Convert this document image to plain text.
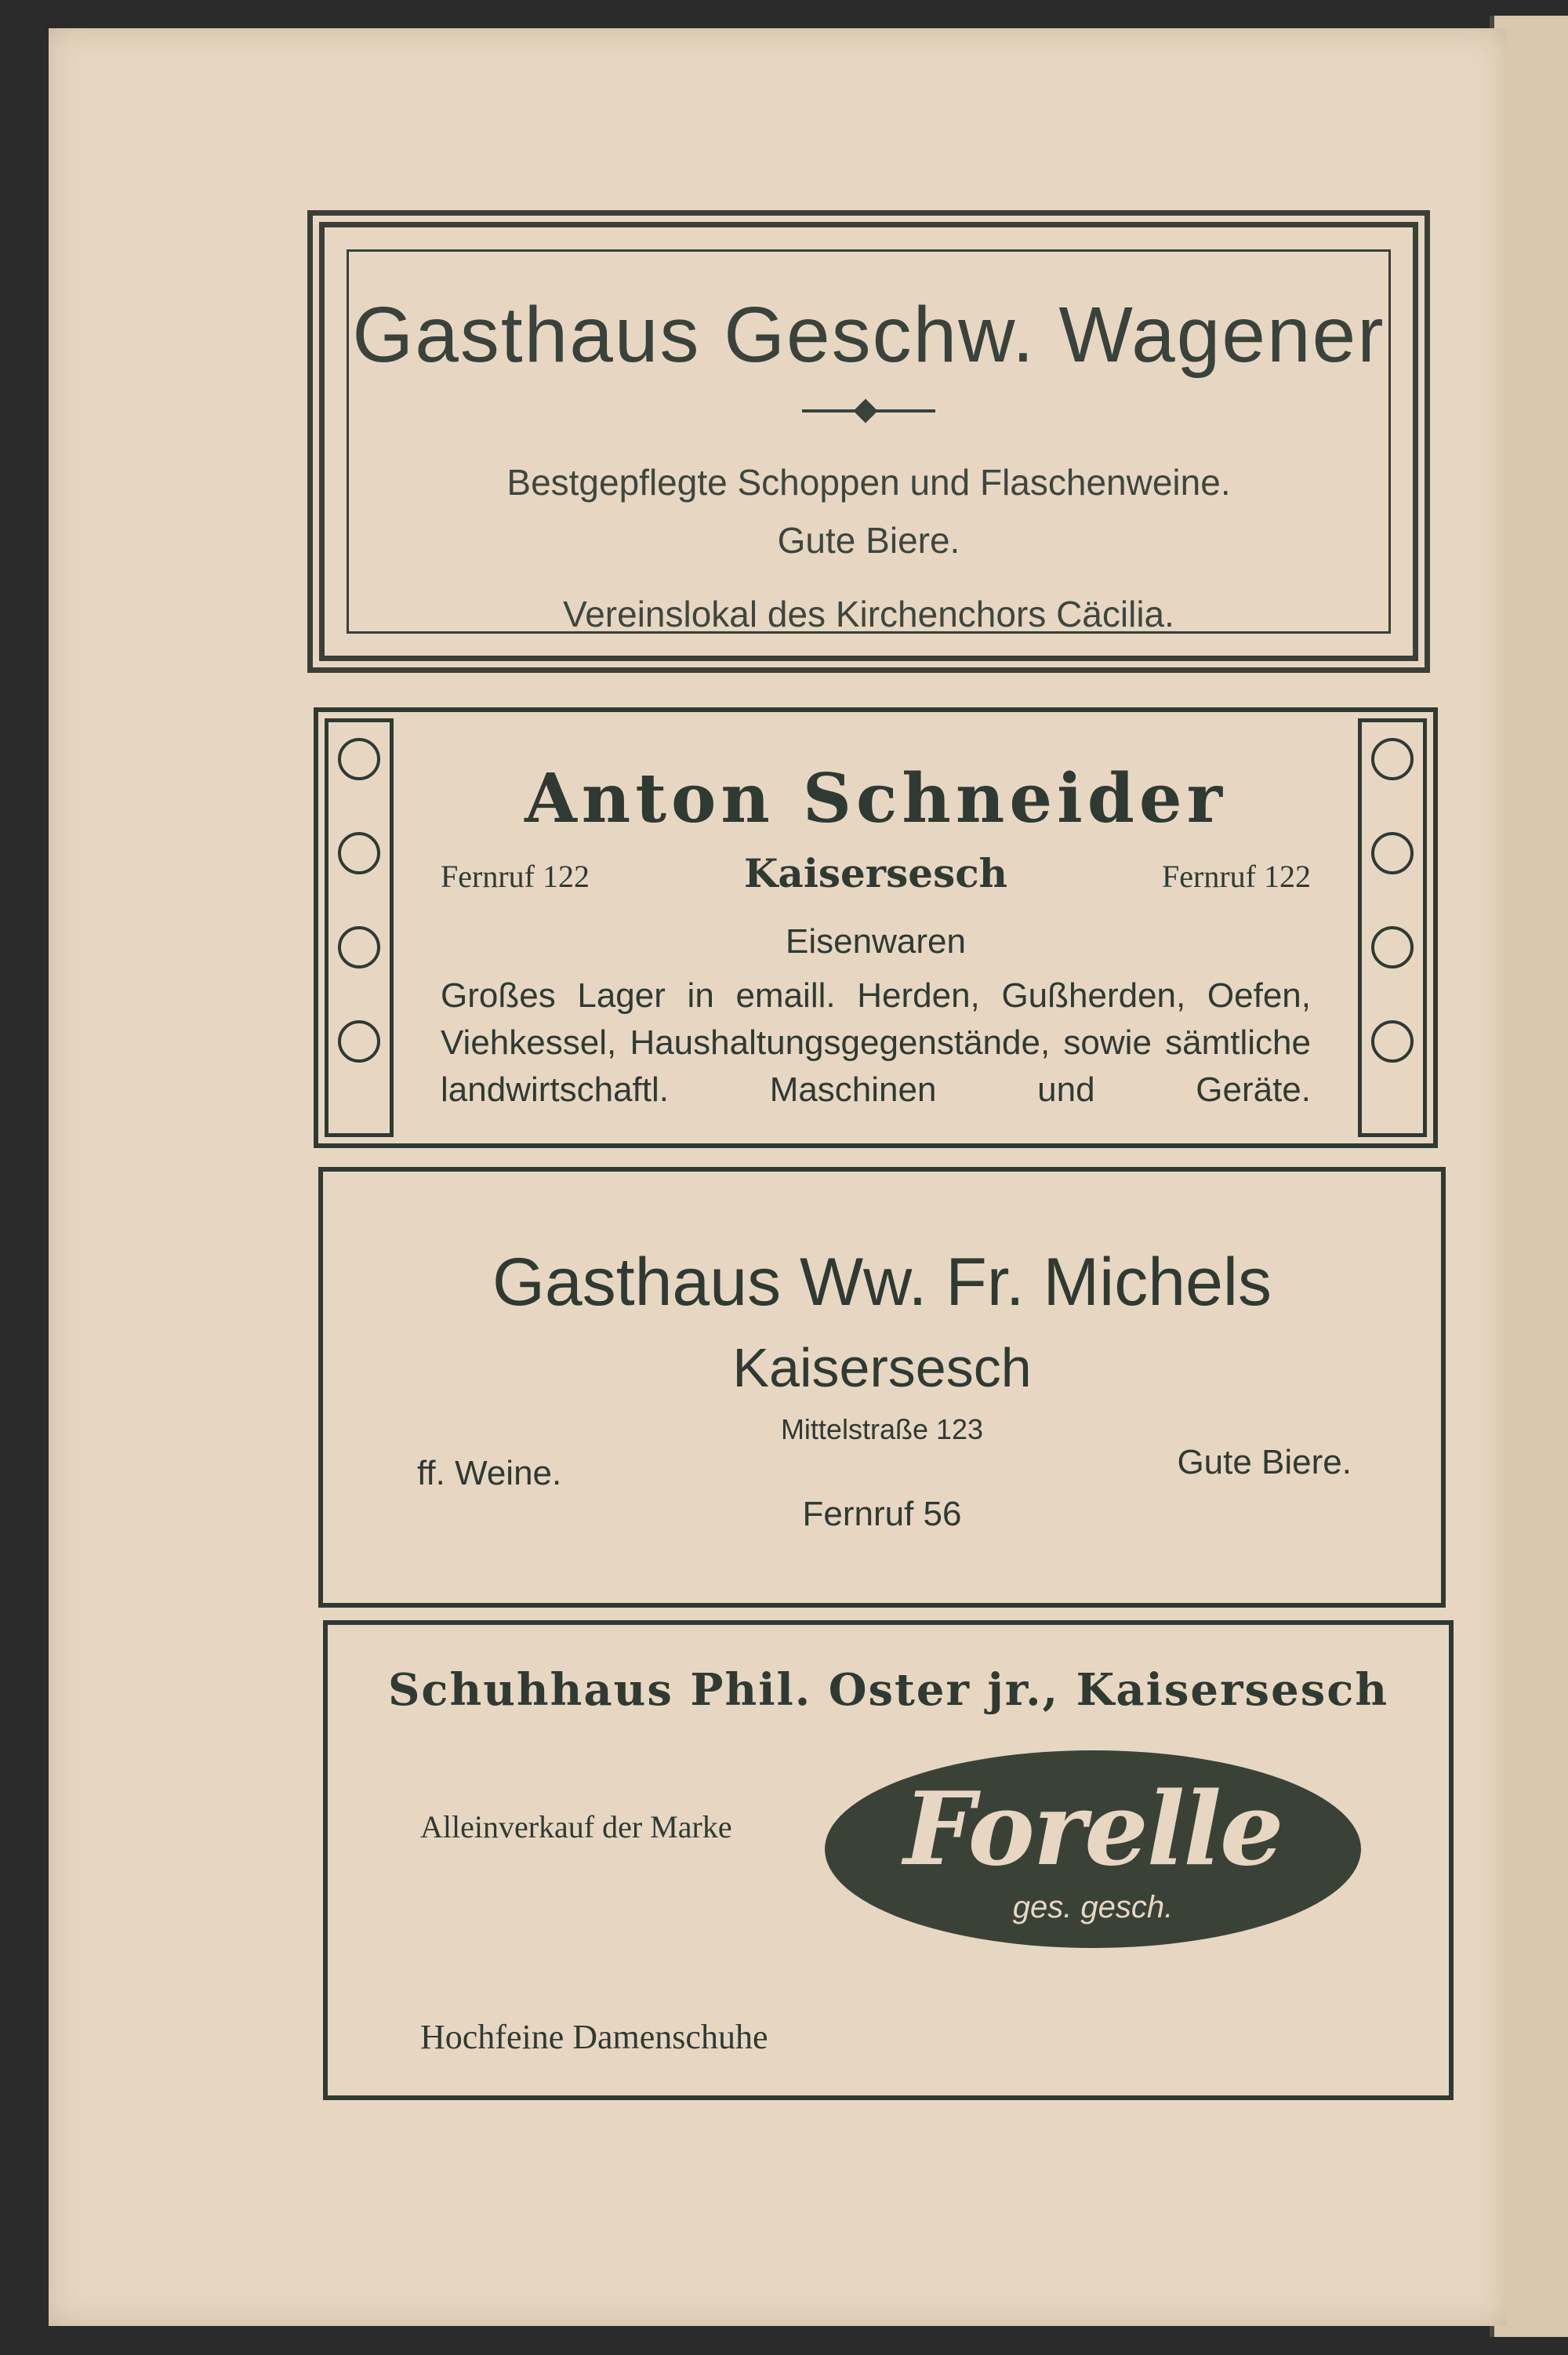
Gasthaus Geschw. Wagener
Bestgepflegte Schoppen und Flaschenweine.
Gute Biere.
Vereinslokal des Kirchenchors Cäcilia.
Anton Schneider
Fernruf 122	Kaisersesch	Fernruf 122
Eisenwaren
Großes Lager in emaill. Herden, Gußherden, Oefen, Viehkessel, Haushaltungsgegenstände, sowie sämtliche landwirtschaftl. Maschinen und Geräte.
Gasthaus Ww. Fr. Michels
Kaisersesch
Mittelstraße 123
ff. Weine.	Gute Biere.
Fernruf 56
Schuhhaus Phil. Oster jr., Kaisersesch
Alleinverkauf der Marke	Forelle
ges. gesch.
Hochfeine Damenschuhe
